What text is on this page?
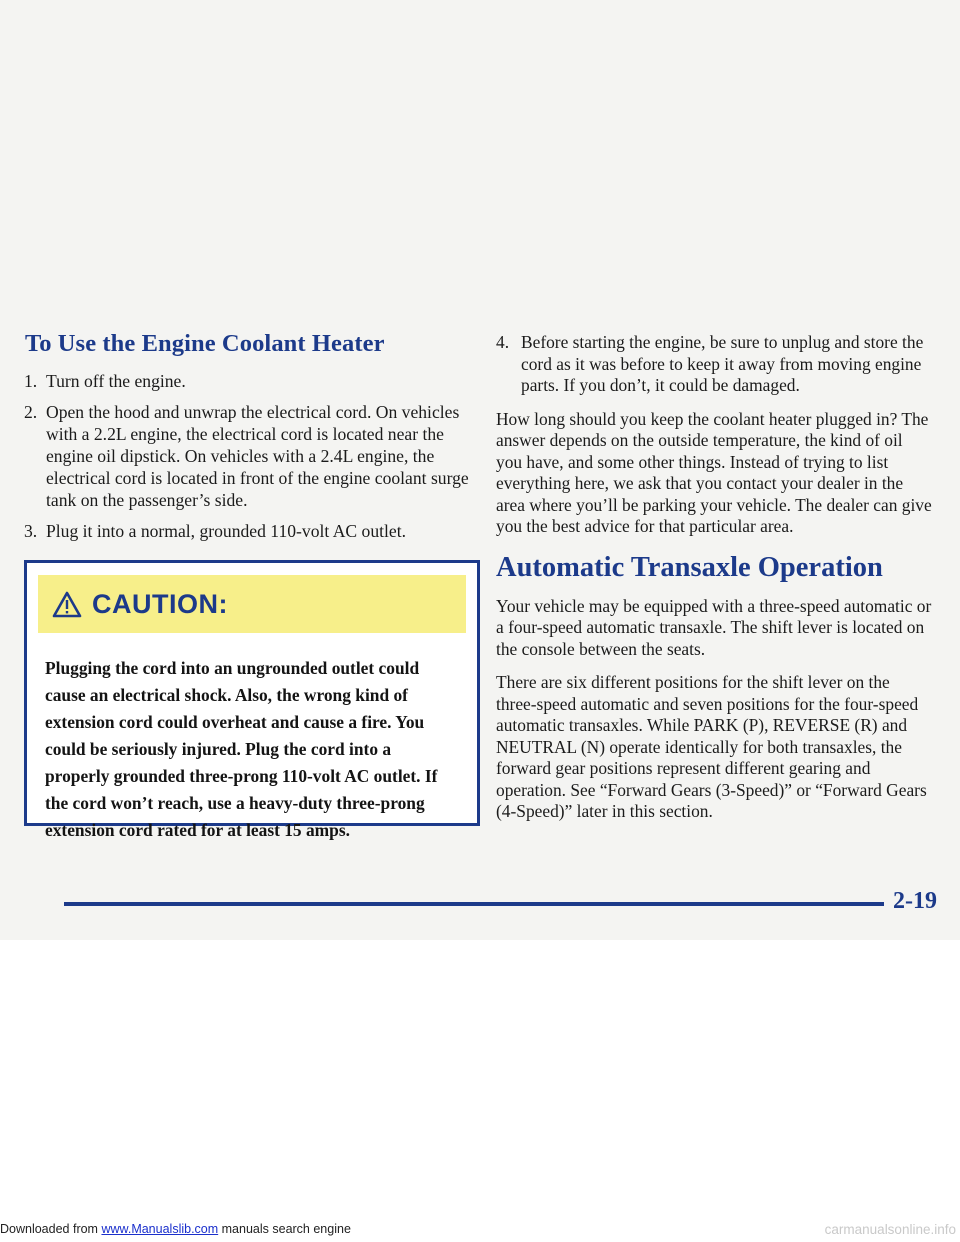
To Use the Engine Coolant Heater
1. Turn off the engine.
2. Open the hood and unwrap the electrical cord. On vehicles with a 2.2L engine, the electrical cord is located near the engine oil dipstick. On vehicles with a 2.4L engine, the electrical cord is located in front of the engine coolant surge tank on the passenger’s side.
3. Plug it into a normal, grounded 110-volt AC outlet.
CAUTION:
Plugging the cord into an ungrounded outlet could cause an electrical shock. Also, the wrong kind of extension cord could overheat and cause a fire. You could be seriously injured. Plug the cord into a properly grounded three-prong 110-volt AC outlet. If the cord won’t reach, use a heavy-duty three-prong extension cord rated for at least 15 amps.
4. Before starting the engine, be sure to unplug and store the cord as it was before to keep it away from moving engine parts. If you don’t, it could be damaged.

How long should you keep the coolant heater plugged in? The answer depends on the outside temperature, the kind of oil you have, and some other things. Instead of trying to list everything here, we ask that you contact your dealer in the area where you’ll be parking your vehicle. The dealer can give you the best advice for that particular area.

Automatic Transaxle Operation

Your vehicle may be equipped with a three-speed automatic or a four-speed automatic transaxle. The shift lever is located on the console between the seats.

There are six different positions for the shift lever on the three-speed automatic and seven positions for the four-speed automatic transaxles. While PARK (P), REVERSE (R) and NEUTRAL (N) operate identically for both transaxles, the forward gear positions represent different gearing and operation. See “Forward Gears (3-Speed)” or “Forward Gears (4-Speed)” later in this section.

2-19
Downloaded from www.Manualslib.com manuals search engine	carmanualsonline.info
